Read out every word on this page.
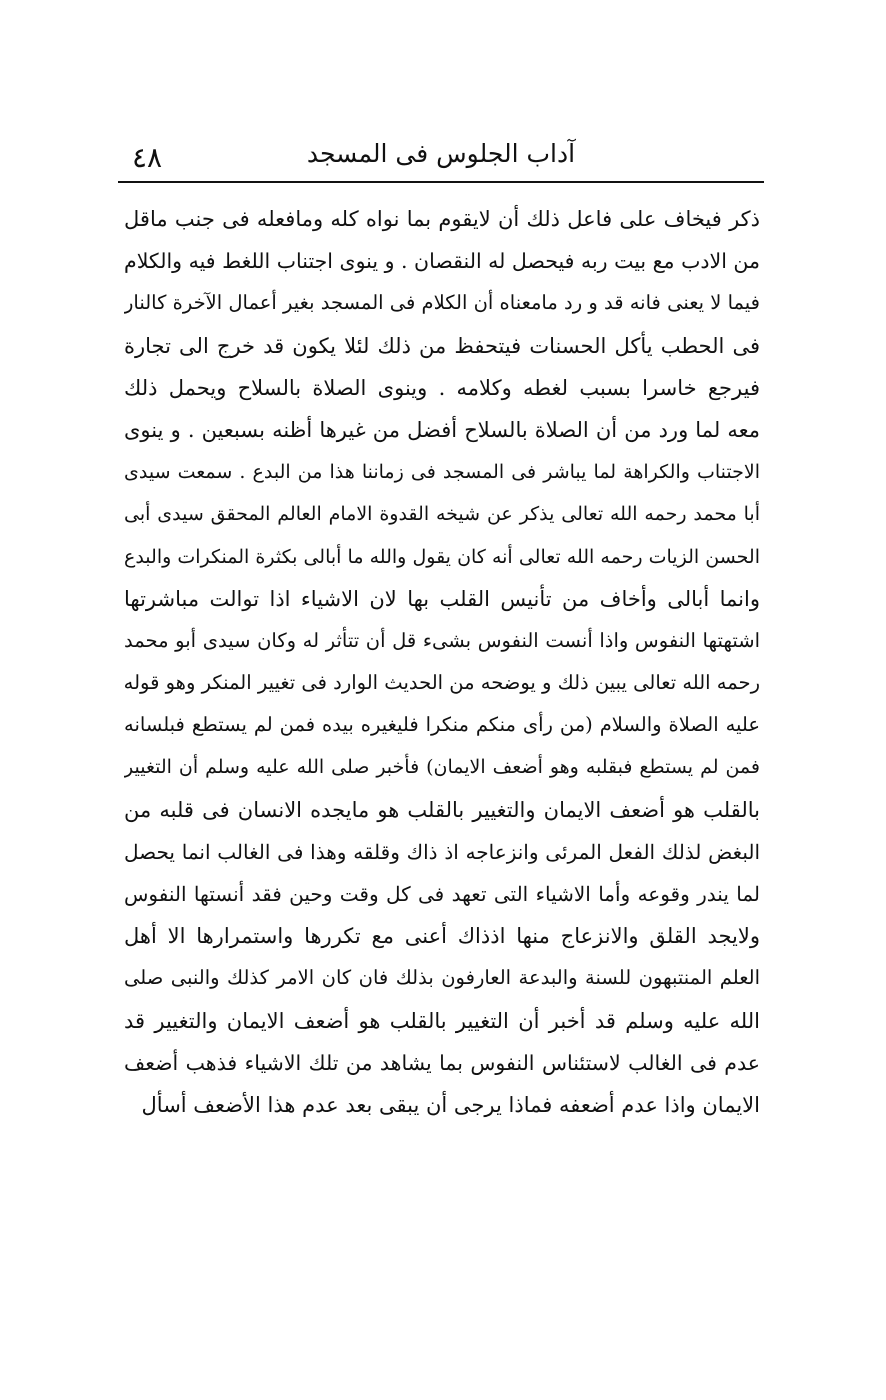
آداب الجلوس فى المسجد
٤٨
ذكر فيخاف على فاعل ذلك أن لايقوم بما نواه كله ومافعله فى جنب ماقل
من الادب مع بيت ربه فيحصل له النقصان . و ينوى اجتناب اللغط فيه والكلام
فيما لا يعنى فانه قد و رد مامعناه أن الكلام فى المسجد بغير أعمال الآخرة كالنار
فى الحطب يأكل الحسنات فيتحفظ من ذلك لئلا يكون قد خرج الى تجارة
فيرجع خاسرا بسبب لغطه وكلامه . وينوى الصلاة بالسلاح ويحمل ذلك
معه لما ورد من أن الصلاة بالسلاح أفضل من غيرها أظنه بسبعين . و ينوى
الاجتناب والكراهة لما يباشر فى المسجد فى زماننا هذا من البدع . سمعت سيدى
أبا محمد رحمه الله تعالى يذكر عن شيخه القدوة الامام العالم المحقق سيدى أبى
الحسن الزيات رحمه الله تعالى أنه كان يقول والله ما أبالى بكثرة المنكرات والبدع
وانما أبالى وأخاف من تأنيس القلب بها لان الاشياء اذا توالت مباشرتها
اشتهتها النفوس واذا أنست النفوس بشىء قل أن تتأثر له وكان سيدى أبو محمد
رحمه الله تعالى يبين ذلك و يوضحه من الحديث الوارد فى تغيير المنكر وهو قوله
عليه الصلاة والسلام (من رأى منكم منكرا فليغيره بيده فمن لم يستطع فبلسانه
فمن لم يستطع فبقلبه وهو أضعف الايمان) فأخبر صلى الله عليه وسلم أن التغيير
بالقلب هو أضعف الايمان والتغيير بالقلب هو مايجده الانسان فى قلبه من
البغض لذلك الفعل المرئى وانزعاجه اذ ذاك وقلقه وهذا فى الغالب انما يحصل
لما يندر وقوعه وأما الاشياء التى تعهد فى كل وقت وحين فقد أنستها النفوس
ولايجد القلق والانزعاج منها اذذاك أعنى مع تكررها واستمرارها الا أهل
العلم المنتبهون للسنة والبدعة العارفون بذلك فان كان الامر كذلك والنبى صلى
الله عليه وسلم قد أخبر أن التغيير بالقلب هو أضعف الايمان والتغيير قد
عدم فى الغالب لاستئناس النفوس بما يشاهد من تلك الاشياء فذهب أضعف
الايمان واذا عدم أضعفه فماذا يرجى أن يبقى بعد عدم هذا الأضعف أسأل
